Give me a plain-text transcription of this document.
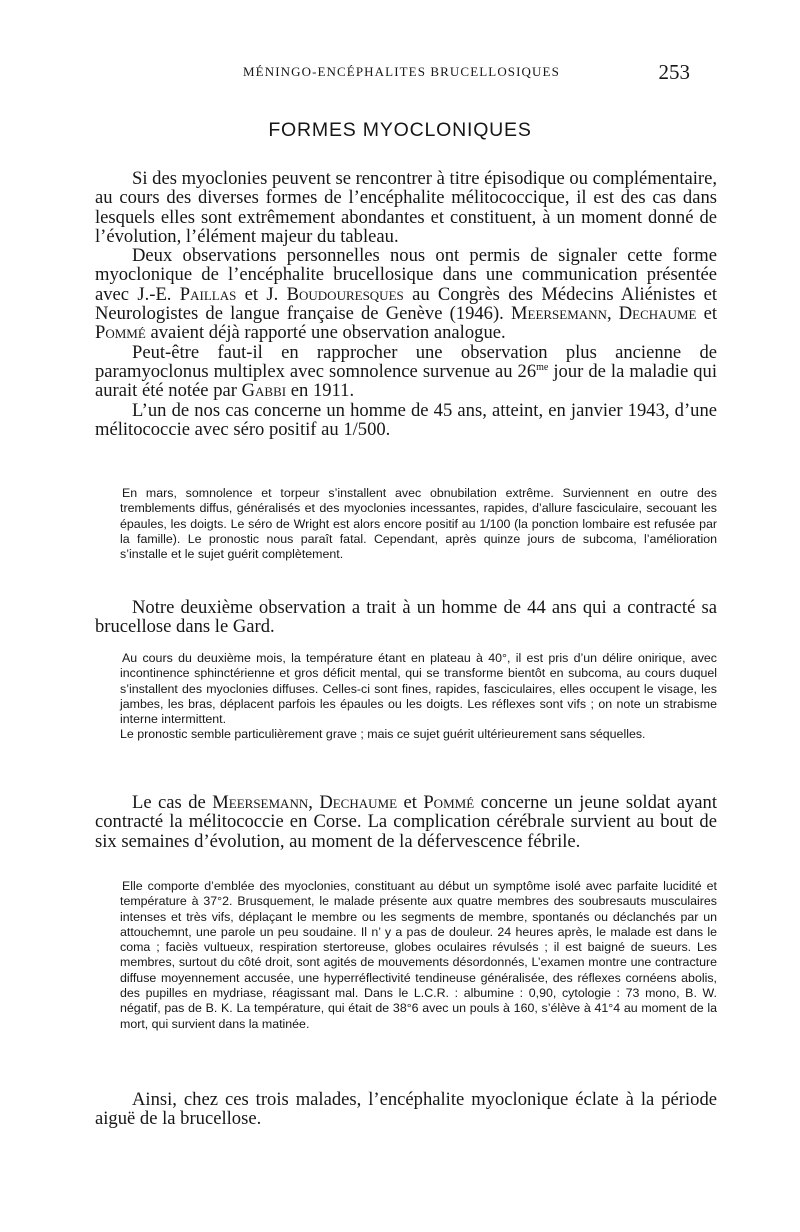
MÉNINGO-ENCÉPHALITES BRUCELLOSIQUES	253
FORMES MYOCLONIQUES

Si des myoclonies peuvent se rencontrer à titre épisodique ou complémentaire, au cours des diverses formes de l’encéphalite mélitococcique, il est des cas dans lesquels elles sont extrêmement abondantes et constituent, à un moment donné de l’évolution, l’élément majeur du tableau.

Deux observations personnelles nous ont permis de signaler cette forme myoclonique de l’encéphalite brucellosique dans une communication présentée avec J.-E. Paillas et J. Boudouresques au Congrès des Médecins Aliénistes et Neurologistes de langue française de Genève (1946). Meersemann, Dechaume et Pommé avaient déjà rapporté une observation analogue.

Peut-être faut-il en rapprocher une observation plus ancienne de paramyoclonus multiplex avec somnolence survenue au $26^{me}$ jour de la maladie qui aurait été notée par Gabbi en 1911.

L’un de nos cas concerne un homme de 45 ans, atteint, en janvier 1943, d’une mélitococcie avec séro positif au 1/500.

En mars, somnolence et torpeur s’installent avec obnubilation extrême. Surviennent en outre des tremblements diffus, généralisés et des myoclonies incessantes, rapides, d’allure fasciculaire, secouant les épaules, les doigts. Le séro de Wright est alors encore positif au 1/100 (la ponction lombaire est refusée par la famille). Le pronostic nous paraît fatal. Cependant, après quinze jours de subcoma, l’amélioration s’installe et le sujet guérit complètement.

Notre deuxième observation a trait à un homme de 44 ans qui a contracté sa brucellose dans le Gard.

Au cours du deuxième mois, la température étant en plateau à 40°, il est pris d’un délire onirique, avec incontinence sphinctérienne et gros déficit mental, qui se transforme bientôt en subcoma, au cours duquel s’installent des myoclonies diffuses. Celles-ci sont fines, rapides, fasciculaires, elles occupent le visage, les jambes, les bras, déplacent parfois les épaules ou les doigts. Les réflexes sont vifs ; on note un strabisme interne intermittent.

Le pronostic semble particulièrement grave ; mais ce sujet guérit ultérieurement sans séquelles.

Le cas de Meersemann, Dechaume et Pommé concerne un jeune soldat ayant contracté la mélitococcie en Corse. La complication cérébrale survient au bout de six semaines d’évolution, au moment de la défervescence fébrile.

Elle comporte d’emblée des myoclonies, constituant au début un symptôme isolé avec parfaite lucidité et température à 37°2. Brusquement, le malade présente aux quatre membres des soubresauts musculaires intenses et très vifs, déplaçant le membre ou les segments de membre, spontanés ou déclanchés par un attouchemnt, une parole un peu soudaine. Il n’ y a pas de douleur. 24 heures après, le malade est dans le coma ; faciès vultueux, respiration stertoreuse, globes oculaires révulsés ; il est baigné de sueurs. Les membres, surtout du côté droit, sont agités de mouvements désordonnés, L’examen montre une contracture diffuse moyennement accusée, une hyperréflectivité tendineuse généralisée, des réflexes cornéens abolis, des pupilles en mydriase, réagissant mal. Dans le L.C.R. : albumine : 0,90, cytologie : 73 mono, B. W. négatif, pas de B. K. La température, qui était de 38°6 avec un pouls à 160, s’élève à 41°4 au moment de la mort, qui survient dans la matinée.

Ainsi, chez ces trois malades, l’encéphalite myoclonique éclate à la période aiguë de la brucellose.
